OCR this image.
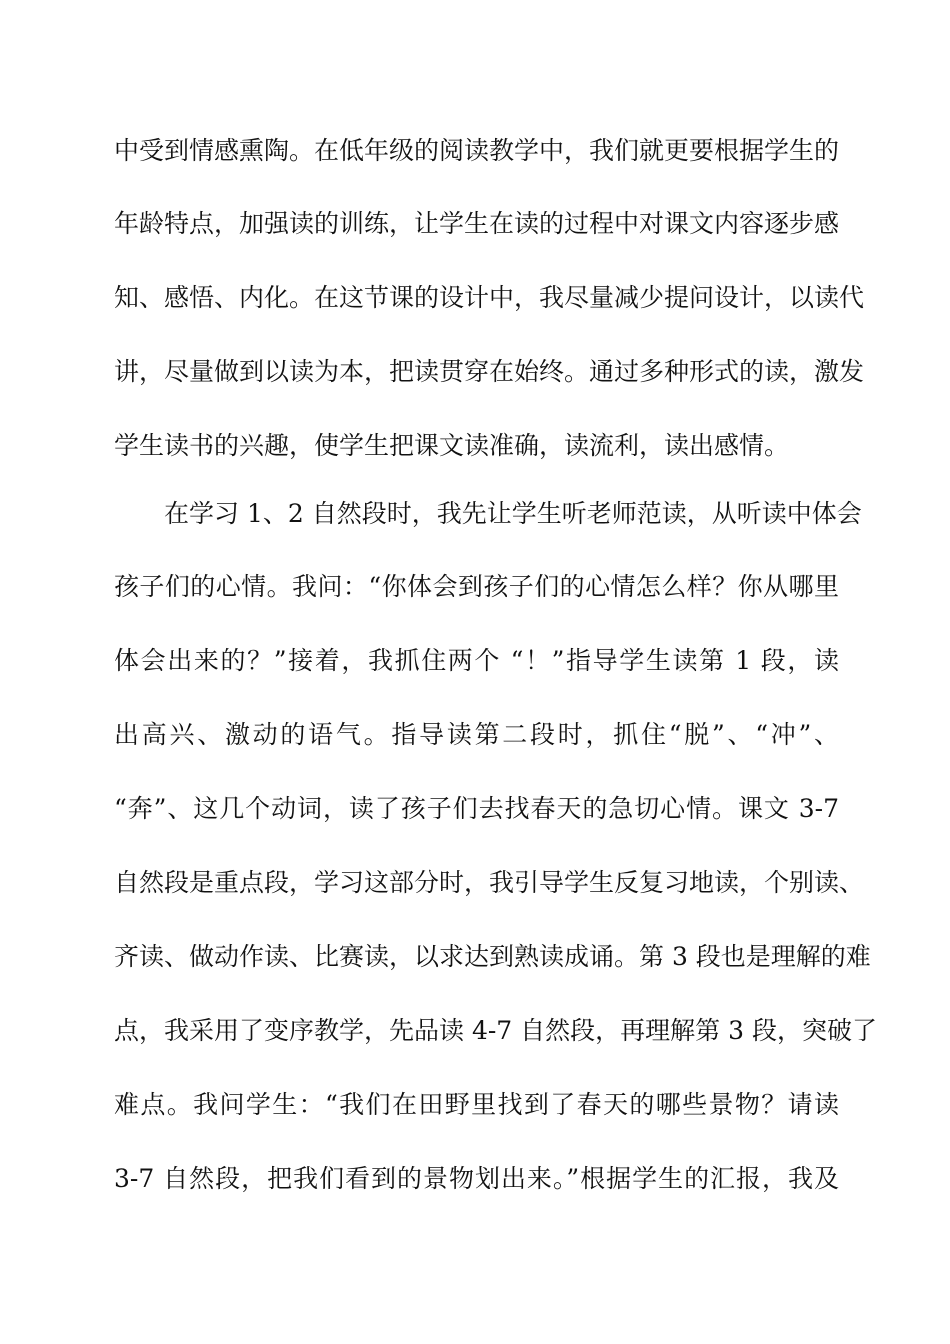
中受到情感熏陶。在低年级的阅读教学中，我们就更要根据学生的
年龄特点，加强读的训练，让学生在读的过程中对课文内容逐步感
知、感悟、内化。在这节课的设计中，我尽量减少提问设计，以读代
讲，尽量做到以读为本，把读贯穿在始终。通过多种形式的读，激发
学生读书的兴趣，使学生把课文读准确，读流利，读出感情。
在学习 1、2 自然段时，我先让学生听老师范读，从听读中体会
孩子们的心情。我问：“你体会到孩子们的心情怎么样？你从哪里
体会出来的？”接着，我抓住两个 “！”指导学生读第 1 段，读
出高兴、激动的语气。指导读第二段时，抓住“脱”、“冲”、
“奔”、这几个动词，读了孩子们去找春天的急切心情。课文 3-7
自然段是重点段，学习这部分时，我引导学生反复习地读，个别读、
齐读、做动作读、比赛读，以求达到熟读成诵。第 3 段也是理解的难
点，我采用了变序教学，先品读 4-7 自然段，再理解第 3 段，突破了
难点。我问学生：“我们在田野里找到了春天的哪些景物？请读
3-7 自然段，把我们看到的景物划出来。”根据学生的汇报，我及
